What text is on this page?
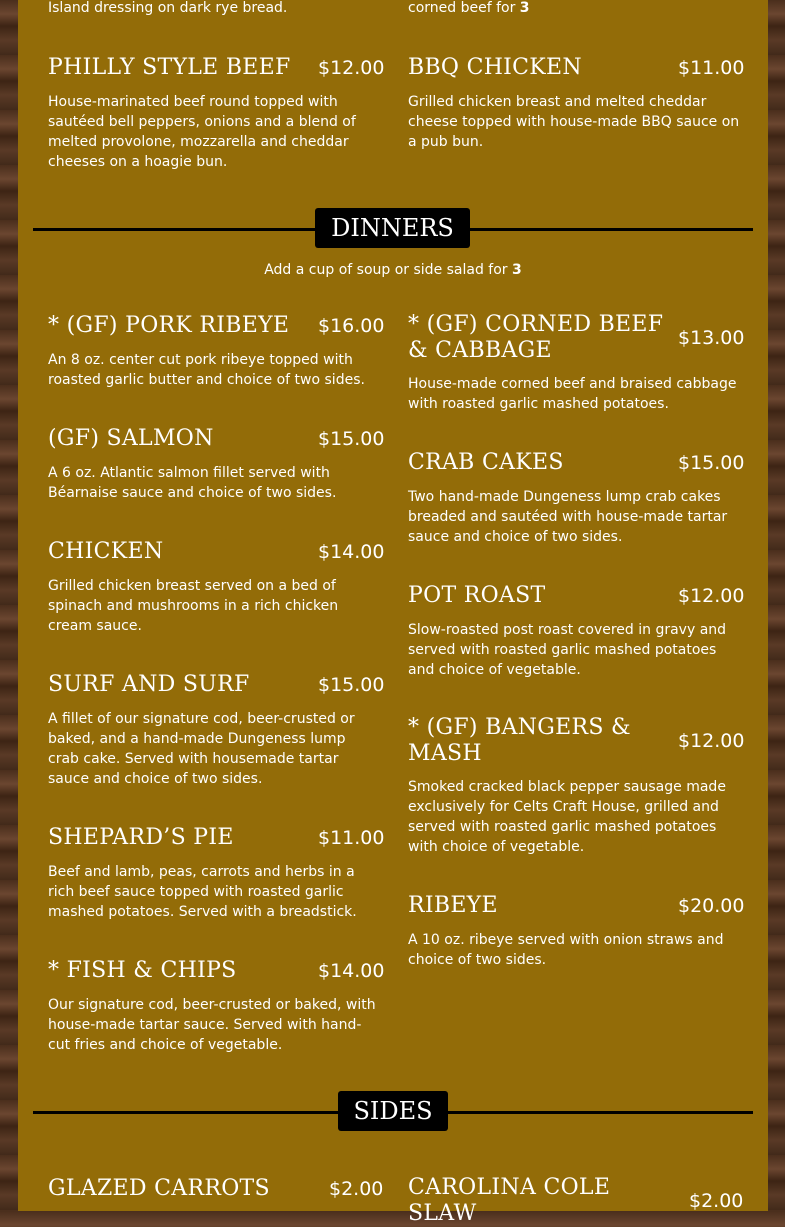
Island dressing on dark rye bread.	corned beef for 3
PHILLY STYLE BEEF $12.00
House-marinated beef round topped with sautéed bell peppers, onions and a blend of melted provolone, mozzarella and cheddar cheeses on a hoagie bun.
BBQ CHICKEN	$11.00
Grilled chicken breast and melted cheddar cheese topped with house-made BBQ sauce on a pub bun.
DINNERS
Add a cup of soup or side salad for 3
* (GF) PORK RIBEYE $16.00
An 8 oz. center cut pork ribeye topped with roasted garlic butter and choice of two sides.
(GF) SALMON	$15.00
A 6 oz. Atlantic salmon fillet served with Béarnaise sauce and choice of two sides.
CHICKEN	$14.00
Grilled chicken breast served on a bed of spinach and mushrooms in a rich chicken cream sauce.
SURF AND SURF	$15.00
A fillet of our signature cod, beer-crusted or baked, and a hand-made Dungeness lump crab cake. Served with housemade tartar sauce and choice of two sides.
SHEPARD’S PIE	$11.00
Beef and lamb, peas, carrots and herbs in a rich beef sauce topped with roasted garlic mashed potatoes. Served with a breadstick.
* FISH & CHIPS	$14.00
Our signature cod, beer-crusted or baked, with house-made tartar sauce. Served with hand-cut fries and choice of vegetable.
* (GF) CORNED BEEF & CABBAGE	$13.00
House-made corned beef and braised cabbage with roasted garlic mashed potatoes.
CRAB CAKES	$15.00
Two hand-made Dungeness lump crab cakes breaded and sautéed with house-made tartar sauce and choice of two sides.
POT ROAST	$12.00
Slow-roasted post roast covered in gravy and served with roasted garlic mashed potatoes and choice of vegetable.
* (GF) BANGERS & MASH	$12.00
Smoked cracked black pepper sausage made exclusively for Celts Craft House, grilled and served with roasted garlic mashed potatoes with choice of vegetable.
RIBEYE	$20.00
A 10 oz. ribeye served with onion straws and choice of two sides.
SIDES
GLAZED CARROTS	$2.00 CAROLINA COLE SLAW	$2.00
